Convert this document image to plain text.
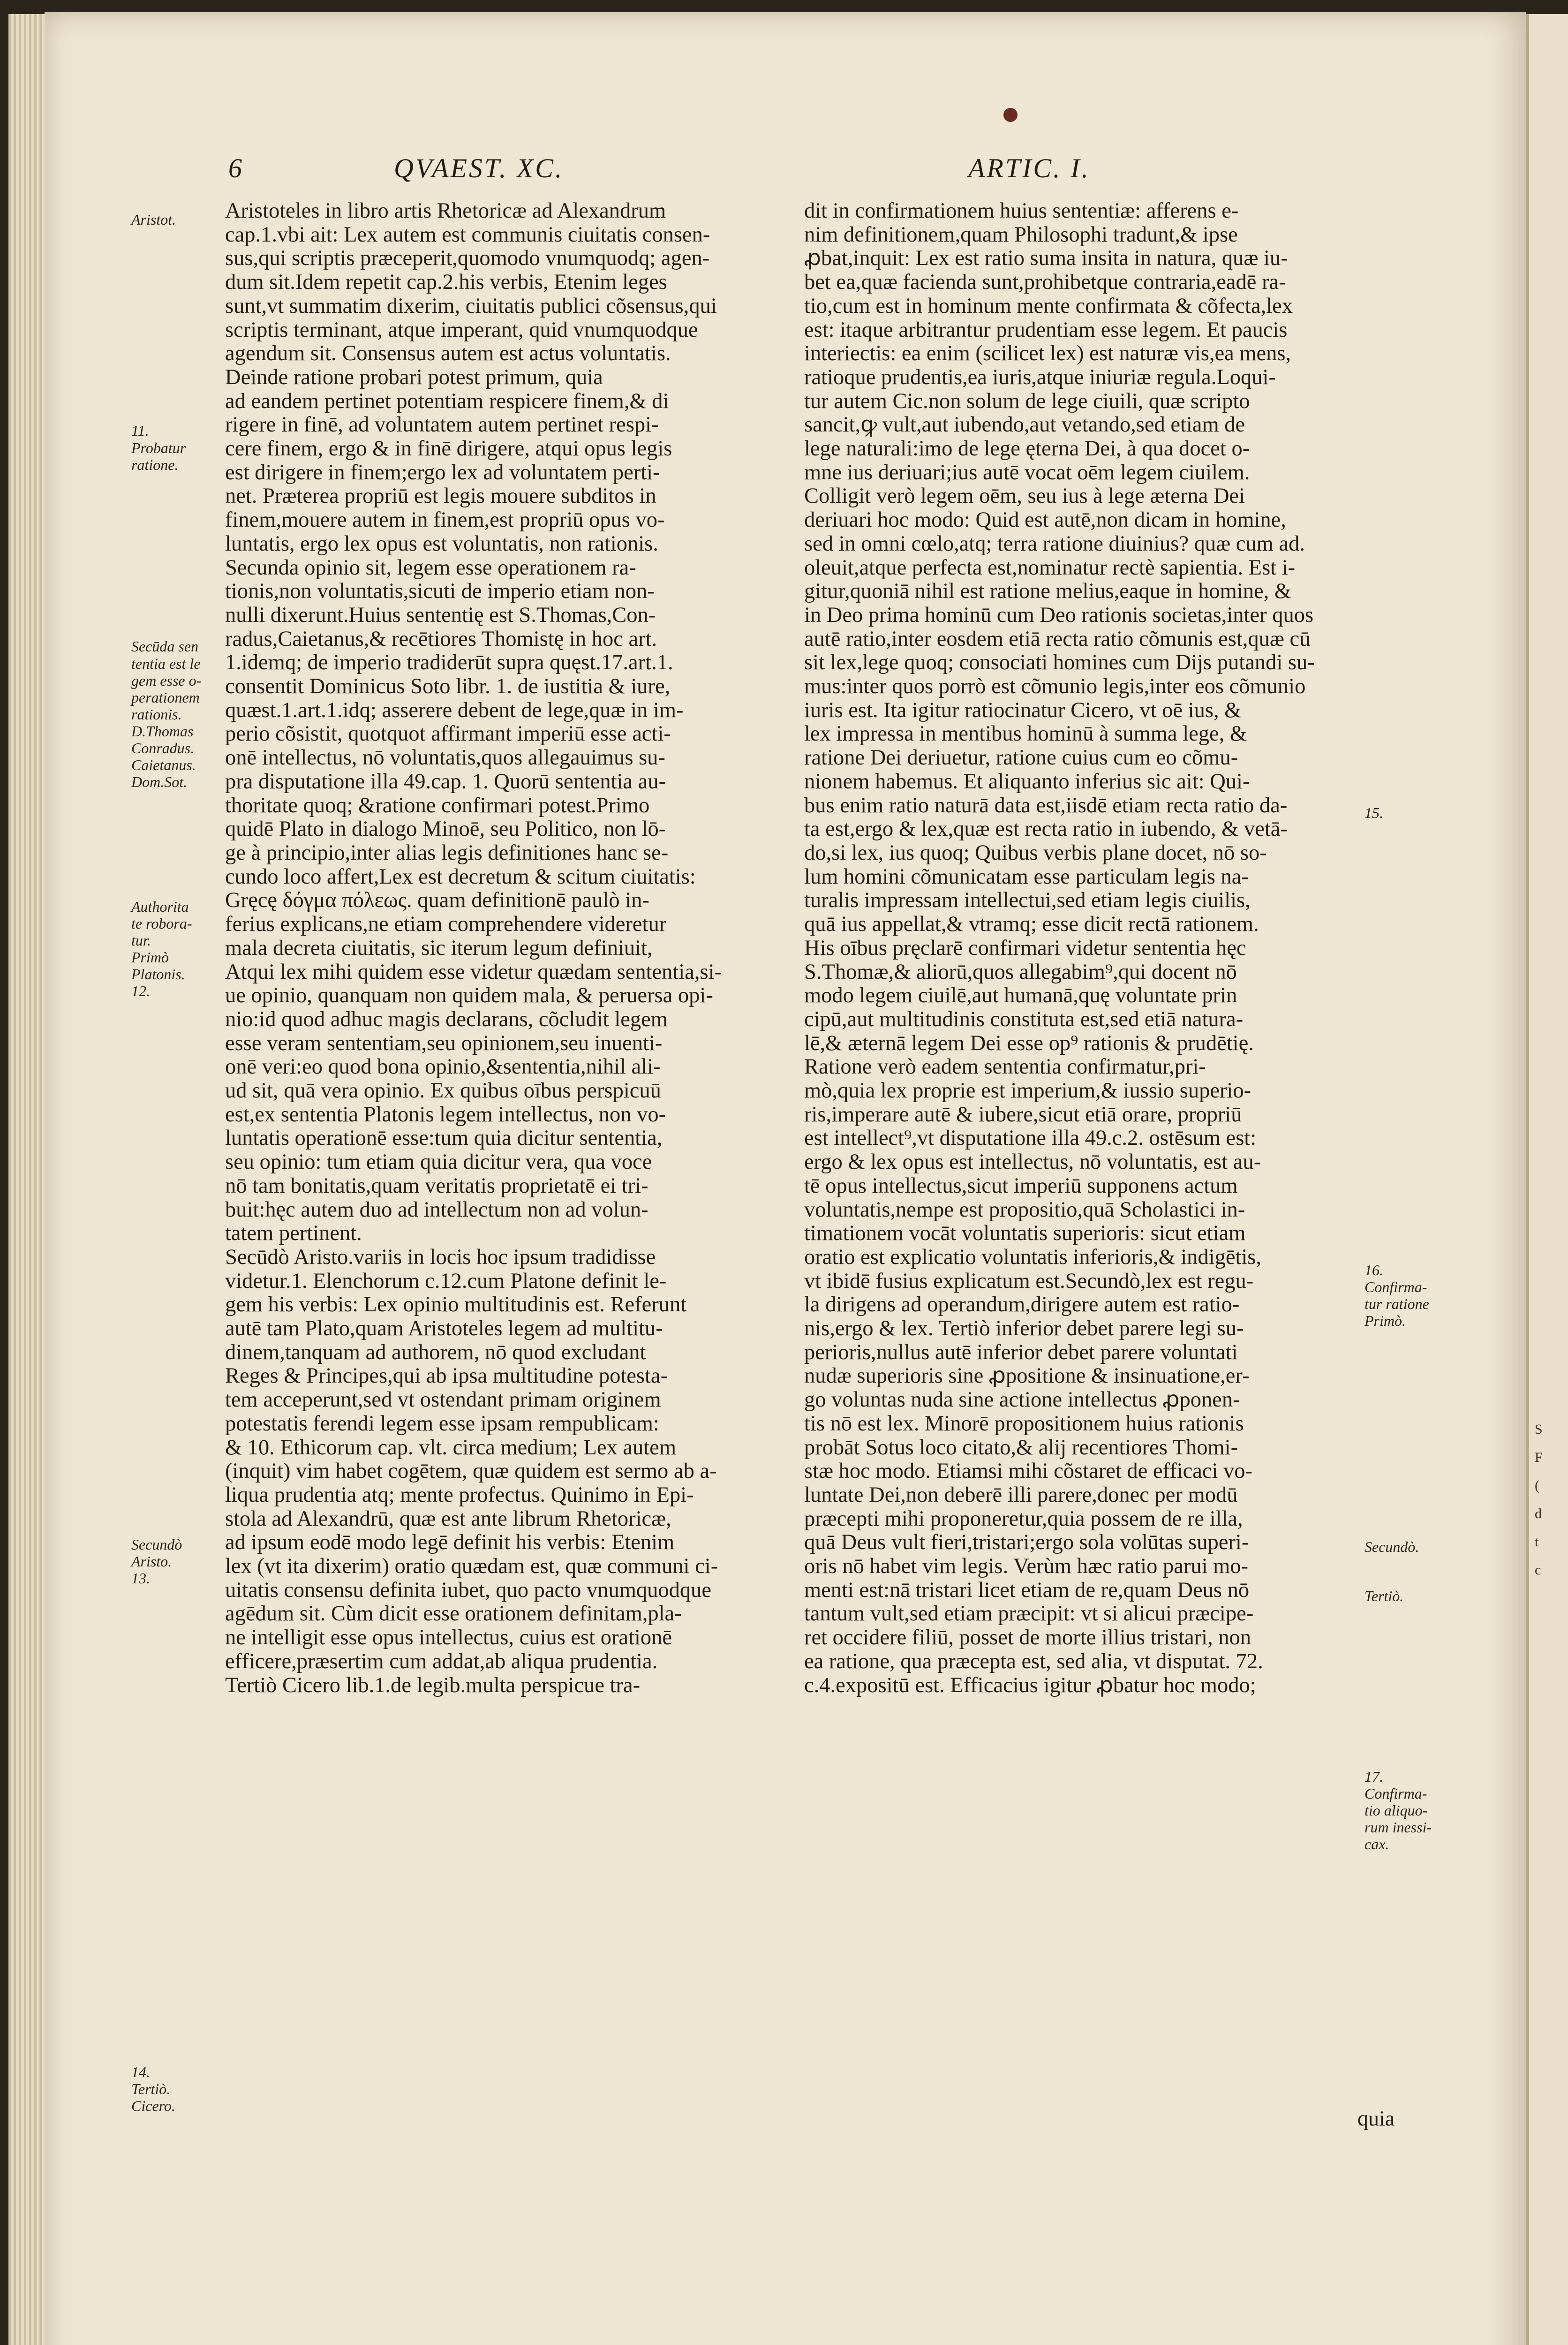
6	QVAEST. XC.	ARTIC. I.

Aristoteles in libro artis Rhetoricæ ad Alexandrum

cap.1.vbi ait: Lex autem est communis ciuitatis consen-

sus,qui scriptis præceperit,quomodo vnumquodq; agen-

dum sit.Idem repetit cap.2.his verbis, Etenim leges

sunt,vt summatim dixerim, ciuitatis publici cõsensus,qui

scriptis terminant, atque imperant, quid vnumquodque

agendum sit. Consensus autem est actus voluntatis.

Deinde ratione probari potest primum, quia

ad eandem pertinet potentiam respicere finem,& di

rigere in finē, ad voluntatem autem pertinet respi-

cere finem, ergo & in finē dirigere, atqui opus legis

est dirigere in finem;ergo lex ad voluntatem perti-

net. Præterea propriū est legis mouere subditos in

finem,mouere autem in finem,est propriū opus vo-

luntatis, ergo lex opus est voluntatis, non rationis.

Secunda opinio sit, legem esse operationem ra-

tionis,non voluntatis,sicuti de imperio etiam non-

nulli dixerunt.Huius sententię est S.Thomas,Con-

radus,Caietanus,& recētiores Thomistę in hoc art.

1.idemq; de imperio tradiderūt supra quęst.17.art.1.

consentit Dominicus Soto libr. 1. de iustitia & iure,

quæst.1.art.1.idq; asserere debent de lege,quæ in im-

perio cõsistit, quotquot affirmant imperiū esse acti-

onē intellectus, nō voluntatis,quos allegauimus su-

pra disputatione illa 49.cap. 1. Quorū sententia au-

thoritate quoq; &ratione confirmari potest.Primo

quidē Plato in dialogo Minoē, seu Politico, non lō-

ge à principio,inter alias legis definitiones hanc se-

cundo loco affert,Lex est decretum & scitum ciuitatis:

Gręcę δόγμα πόλεως. quam definitionē paulò in-

ferius explicans,ne etiam comprehendere videretur

mala decreta ciuitatis, sic iterum legum definiuit,

Atqui lex mihi quidem esse videtur quædam sententia,si-

ue opinio, quanquam non quidem mala, & peruersa opi-

nio:id quod adhuc magis declarans, cõcludit legem

esse veram sententiam,seu opinionem,seu inuenti-

onē veri:eo quod bona opinio,&sententia,nihil ali-

ud sit, quā vera opinio. Ex quibus oībus perspicuū

est,ex sententia Platonis legem intellectus, non vo-

luntatis operationē esse:tum quia dicitur sententia,

seu opinio: tum etiam quia dicitur vera, qua voce

nō tam bonitatis,quam veritatis proprietatē ei tri-

buit:hęc autem duo ad intellectum non ad volun-

tatem pertinent.

Secūdò Aristo.variis in locis hoc ipsum tradidisse

videtur.1. Elenchorum c.12.cum Platone definit le-

gem his verbis: Lex opinio multitudinis est. Referunt

autē tam Plato,quam Aristoteles legem ad multitu-

dinem,tanquam ad authorem, nō quod excludant

Reges & Principes,qui ab ipsa multitudine potesta-

tem acceperunt,sed vt ostendant primam originem

potestatis ferendi legem esse ipsam rempublicam:

& 10. Ethicorum cap. vlt. circa medium; Lex autem

(inquit) vim habet cogētem, quæ quidem est sermo ab a-

liqua prudentia atq; mente profectus. Quinimo in Epi-

stola ad Alexandrū, quæ est ante librum Rhetoricæ,

ad ipsum eodē modo legē definit his verbis: Etenim

lex (vt ita dixerim) oratio quædam est, quæ communi ci-

uitatis consensu definita iubet, quo pacto vnumquodque

agēdum sit. Cùm dicit esse orationem definitam,pla-

ne intelligit esse opus intellectus, cuius est orationē

efficere,præsertim cum addat,ab aliqua prudentia.

Tertiò Cicero lib.1.de legib.multa perspicue tra-

dit in confirmationem huius sententiæ: afferens e-

nim definitionem,quam Philosophi tradunt,& ipse

ꝓbat,inquit: Lex est ratio suma insita in natura, quæ iu-

bet ea,quæ facienda sunt,prohibetque contraria,eadē ra-

tio,cum est in hominum mente confirmata & cõfecta,lex

est: itaque arbitrantur prudentiam esse legem. Et paucis

interiectis: ea enim (scilicet lex) est naturæ vis,ea mens,

ratioque prudentis,ea iuris,atque iniuriæ regula.Loqui-

tur autem Cic.non solum de lege ciuili, quæ scripto

sancit,ꝙ vult,aut iubendo,aut vetando,sed etiam de

lege naturali:imo de lege ęterna Dei, à qua docet o-

mne ius deriuari;ius autē vocat oēm legem ciuilem.

Colligit verò legem oēm, seu ius à lege æterna Dei

deriuari hoc modo: Quid est autē,non dicam in homine,

sed in omni cœlo,atq; terra ratione diuinius? quæ cum ad.

oleuit,atque perfecta est,nominatur rectè sapientia. Est i-

gitur,quoniā nihil est ratione melius,eaque in homine, &

in Deo prima hominū cum Deo rationis societas,inter quos

autē ratio,inter eosdem etiā recta ratio cõmunis est,quæ cū

sit lex,lege quoq; consociati homines cum Dijs putandi su-

mus:inter quos porrò est cõmunio legis,inter eos cõmunio

iuris est. Ita igitur ratiocinatur Cicero, vt oē ius, &

lex impressa in mentibus hominū à summa lege, &

ratione Dei deriuetur, ratione cuius cum eo cõmu-

nionem habemus. Et aliquanto inferius sic ait: Qui-

bus enim ratio naturā data est,iisdē etiam recta ratio da-

ta est,ergo & lex,quæ est recta ratio in iubendo, & vetā-

do,si lex, ius quoq; Quibus verbis plane docet, nō so-

lum homini cõmunicatam esse particulam legis na-

turalis impressam intellectui,sed etiam legis ciuilis,

quā ius appellat,& vtramq; esse dicit rectā rationem.

His oībus pręclarē confirmari videtur sententia hęc

S.Thomæ,& aliorū,quos allegabim⁹,qui docent nō

modo legem ciuilē,aut humanā,quę voluntate prin

cipū,aut multitudinis constituta est,sed etiā natura-

lē,& æternā legem Dei esse op⁹ rationis & prudētię.

Ratione verò eadem sententia confirmatur,pri-

mò,quia lex proprie est imperium,& iussio superio-

ris,imperare autē & iubere,sicut etiā orare, propriū

est intellect⁹,vt disputatione illa 49.c.2. ostēsum est:

ergo & lex opus est intellectus, nō voluntatis, est au-

tē opus intellectus,sicut imperiū supponens actum

voluntatis,nempe est propositio,quā Scholastici in-

timationem vocāt voluntatis superioris: sicut etiam

oratio est explicatio voluntatis inferioris,& indigētis,

vt ibidē fusius explicatum est.Secundò,lex est regu-

la dirigens ad operandum,dirigere autem est ratio-

nis,ergo & lex. Tertiò inferior debet parere legi su-

perioris,nullus autē inferior debet parere voluntati

nudæ superioris sine ꝓpositione & insinuatione,er-

go voluntas nuda sine actione intellectus ꝓponen-

tis nō est lex. Minorē propositionem huius rationis

probāt Sotus loco citato,& alij recentiores Thomi-

stæ hoc modo. Etiamsi mihi cõstaret de efficaci vo-

luntate Dei,non deberē illi parere,donec per modū

præcepti mihi proponeretur,quia possem de re illa,

quā Deus vult fieri,tristari;ergo sola volūtas superi-

oris nō habet vim legis. Verùm hæc ratio parui mo-

menti est:nā tristari licet etiam de re,quam Deus nō

tantum vult,sed etiam præcipit: vt si alicui præcipe-

ret occidere filiū, posset de morte illius tristari, non

ea ratione, qua præcepta est, sed alia, vt disputat. 72.

c.4.expositū est. Efficacius igitur ꝓbatur hoc modo;

Aristot.
11.
Probatur
ratione.
Secūda sen
tentia est le
gem esse o-
perationem
rationis.
D.Thomas
Conradus.
Caietanus.
Dom.Sot.
Authorita
te robora-
tur.
Primò
Platonis.
12.
Secundò
Aristo.
13.
14.
Tertiò.
Cicero.
15.
16.
Confirma-
tur ratione
Primò.
Secundò.
Tertiò.
17.
Confirma-
tio aliquo-
rum inessi-
cax.
quia
S
F
(
d
t
c
